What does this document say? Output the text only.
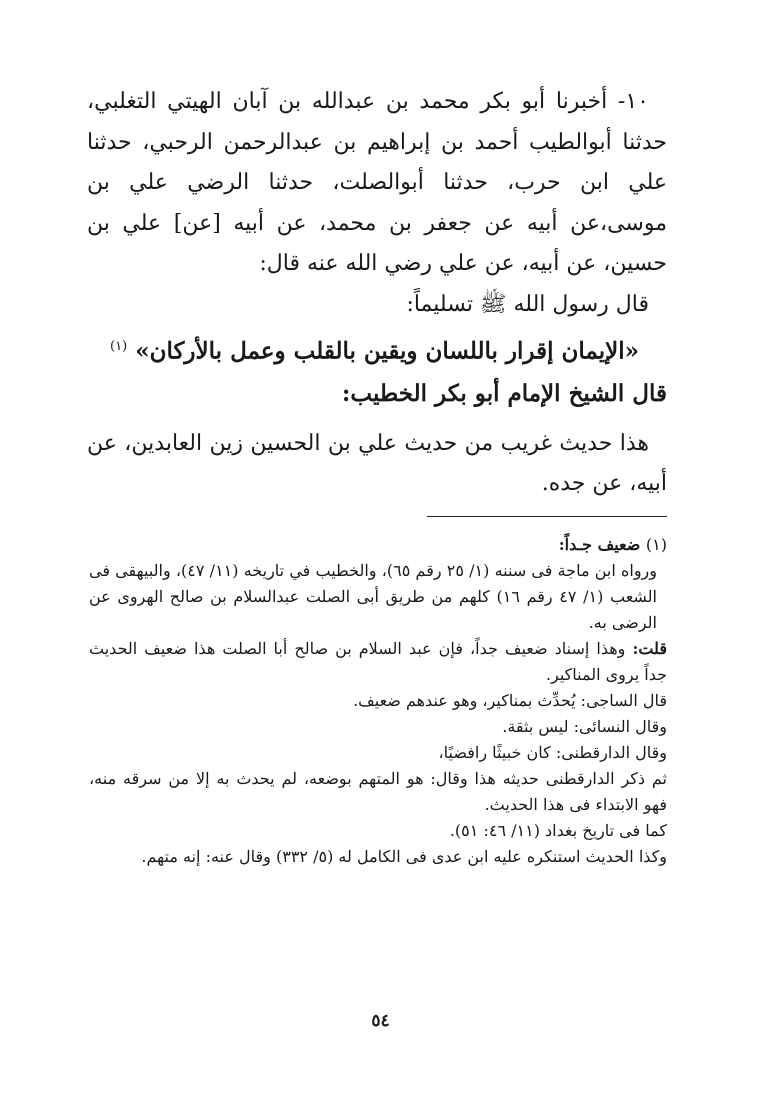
١٠- أخبرنا أبو بكر محمد بن عبدالله بن آبان الهيتي التغلبي، حدثنا أبوالطيب أحمد بن إبراهيم بن عبدالرحمن الرحبي، حدثنا علي ابن حرب، حدثنا أبوالصلت، حدثنا الرضي علي بن موسى،عن أبيه عن جعفر بن محمد، عن أبيه [عن] علي بن حسين، عن أبيه، عن علي رضي الله عنه قال:

قال رسول الله ﷺ تسليماً:

«الإيمان إقرار باللسان ويقين بالقلب وعمل بالأركان» $^{(١)}$

قال الشيخ الإمام أبو بكر الخطيب:

هذا حديث غريب من حديث علي بن الحسين زين العابدين، عن أبيه، عن جده.

(١) ضعيف جـداً:

ورواه ابن ماجة فى سننه (١/ ٢٥ رقم ٦٥)، والخطيب في تاريخه (١١/ ٤٧)، والبيهقى فى الشعب (١/ ٤٧ رقم ١٦) كلهم من طريق أبى الصلت عبدالسلام بن صالح الهروى عن الرضى به.

قلت: وهذا إسناد ضعيف جداً، فإن عبد السلام بن صالح أبا الصلت هذا ضعيف الحديث جداً يروى المناكير.

قال الساجى: يُحدِّث بمناكير، وهو عندهم ضعيف.

وقال النسائى: ليس بثقة.

وقال الدارقطنى: كان خبيثًا رافضيًا،

ثم ذكر الدارقطنى حديثه هذا وقال: هو المتهم بوضعه، لم يحدث به إلا من سرقه منه، فهو الابتداء فى هذا الحديث.

كما فى تاريخ بغداد (١١/ ٤٦: ٥١).

وكذا الحديث استنكره عليه ابن عدى فى الكامل له (٥/ ٣٣٢) وقال عنه: إنه متهم.

٥٤
